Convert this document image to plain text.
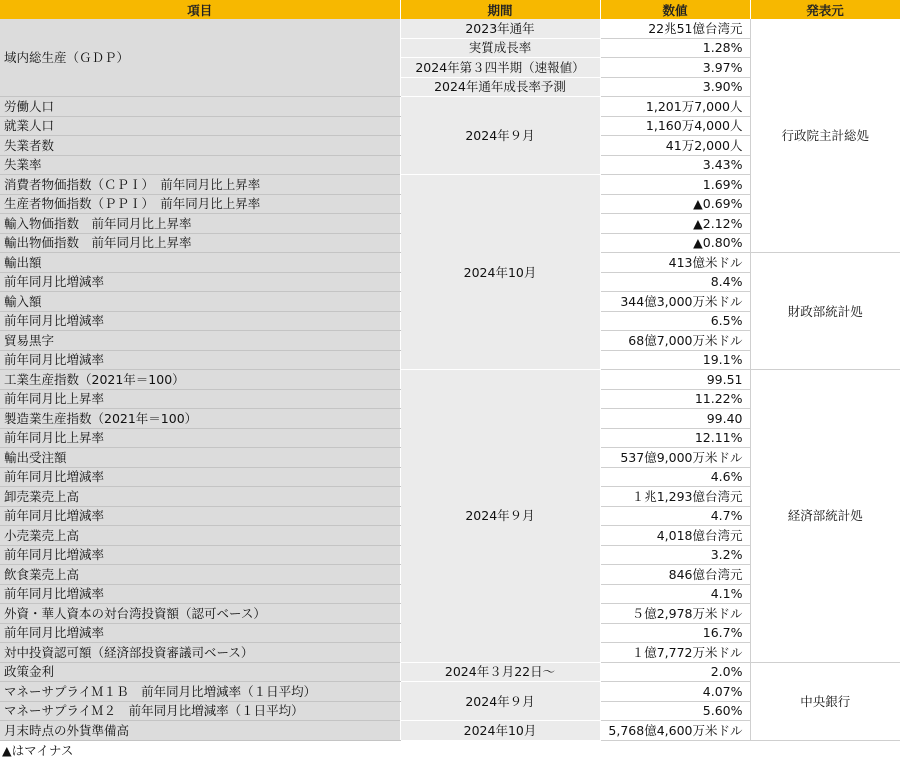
項目	期間	数値	発表元
域内総生産（ＧＤＰ）	2023年通年	22兆51億台湾元	行政院主計総処
	実質成長率	1.28%	
	2024年第３四半期（速報値）	3.97%	
	2024年通年成長率予測	3.90%	
労働人口	2024年９月	1,201万7,000人	
就業人口		1,160万4,000人	
失業者数		41万2,000人	
失業率		3.43%	
消費者物価指数（ＣＰＩ）　前年同月比上昇率	2024年10月	1.69%	
生産者物価指数（ＰＰＩ）　前年同月比上昇率		▲0.69%	
輸入物価指数　前年同月比上昇率		▲2.12%	
輸出物価指数　前年同月比上昇率		▲0.80%	
輸出額		413億米ドル	財政部統計処
前年同月比増減率		8.4%	
輸入額		344億3,000万米ドル	
前年同月比増減率		6.5%	
貿易黒字		68億7,000万米ドル	
前年同月比増減率		19.1%	
工業生産指数（2021年＝100）	2024年９月	99.51	経済部統計処
前年同月比上昇率		11.22%	
製造業生産指数（2021年＝100）		99.40	
前年同月比上昇率		12.11%	
輸出受注額		537億9,000万米ドル	
前年同月比増減率		4.6%	
卸売業売上高		１兆1,293億台湾元	
前年同月比増減率		4.7%	
小売業売上高		4,018億台湾元	
前年同月比増減率		3.2%	
飲食業売上高		846億台湾元	
前年同月比増減率		4.1%	
外資・華人資本の対台湾投資額（認可ベース）		５億2,978万米ドル	
前年同月比増減率		16.7%	
対中投資認可額（経済部投資審議司ベース）		１億7,772万米ドル	
政策金利	2024年３月22日～	2.0%	中央銀行
マネーサプライＭ１Ｂ　前年同月比増減率（１日平均）	2024年９月	4.07%	
マネーサプライＭ２　前年同月比増減率（１日平均）		5.60%	
月末時点の外貨準備高	2024年10月	5,768億4,600万米ドル	
▲はマイナス
